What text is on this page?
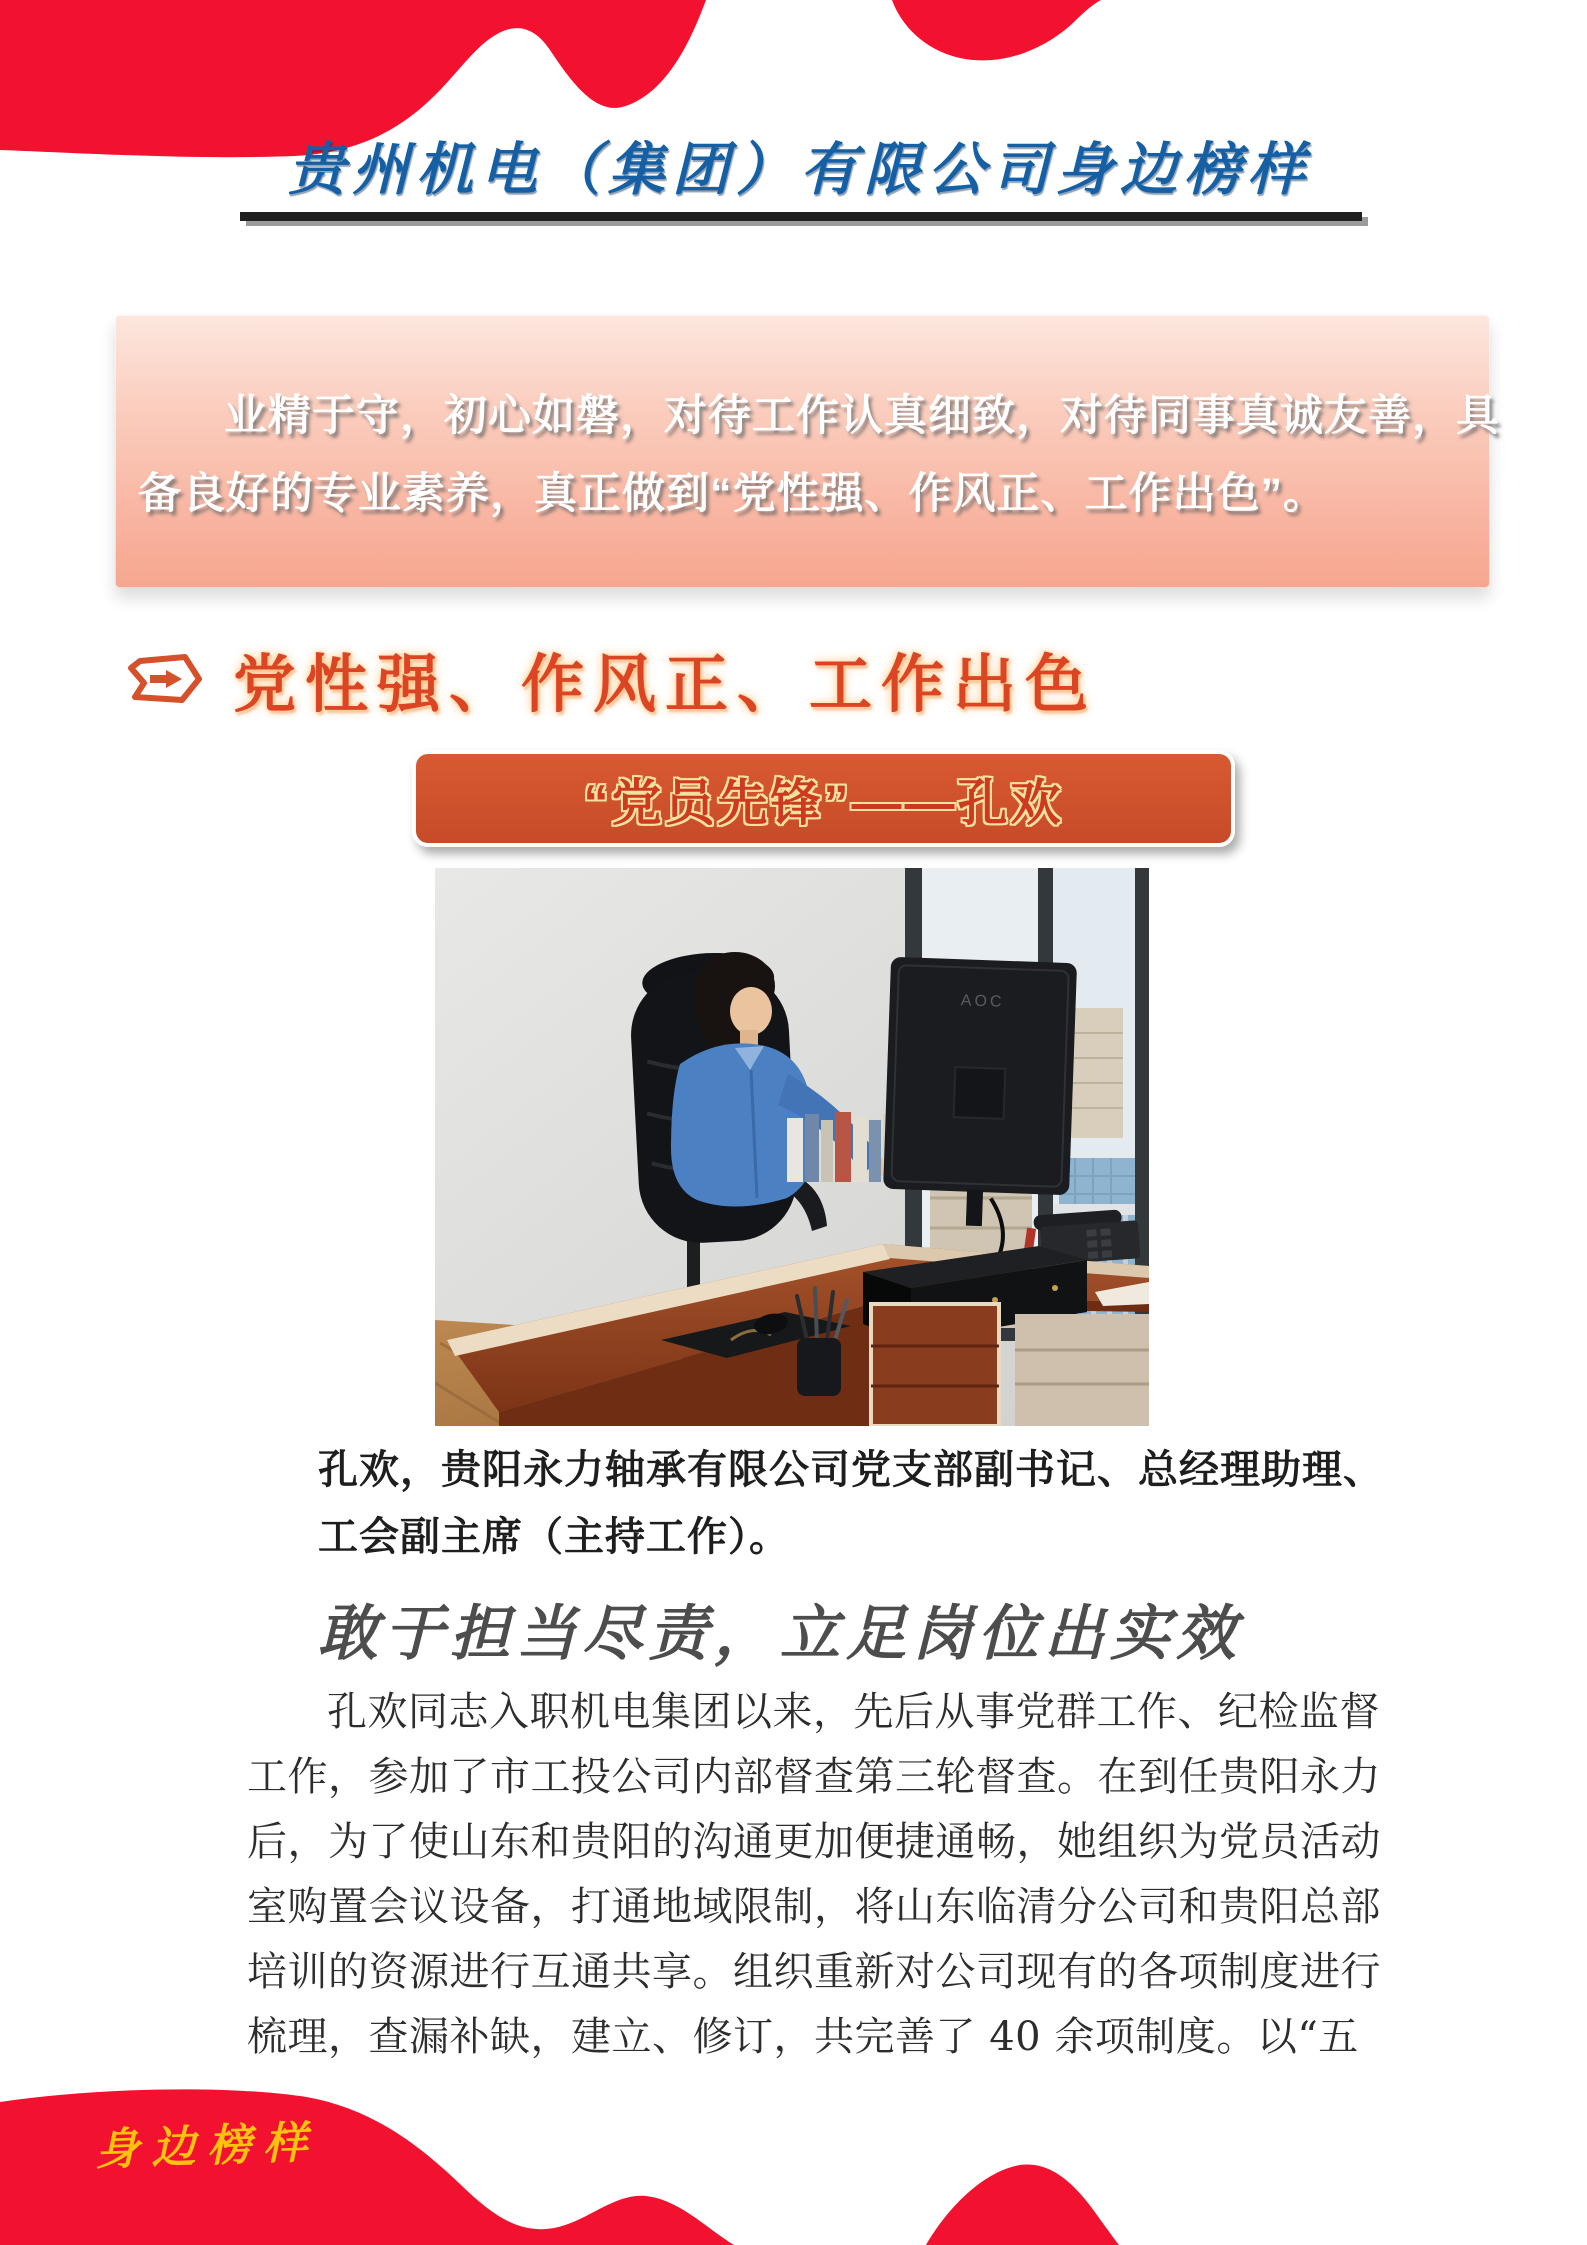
贵州机电（集团）有限公司身边榜样
业精于守，初心如磐，对待工作认真细致，对待同事真诚友善，具
备良好的专业素养，真正做到“党性强、作风正、工作出色”。
党性强、作风正、工作出色
“党员先锋”——孔欢
AOC
孔欢，贵阳永力轴承有限公司党支部副书记、总经理助理、
工会副主席（主持工作）。
敢于担当尽责，立足岗位出实效
孔欢同志入职机电集团以来，先后从事党群工作、纪检监督
工作，参加了市工投公司内部督查第三轮督查。在到任贵阳永力
后，为了使山东和贵阳的沟通更加便捷通畅，她组织为党员活动
室购置会议设备，打通地域限制，将山东临清分公司和贵阳总部
培训的资源进行互通共享。组织重新对公司现有的各项制度进行
梳理，查漏补缺，建立、修订，共完善了 40 余项制度。以“五
身边榜样
